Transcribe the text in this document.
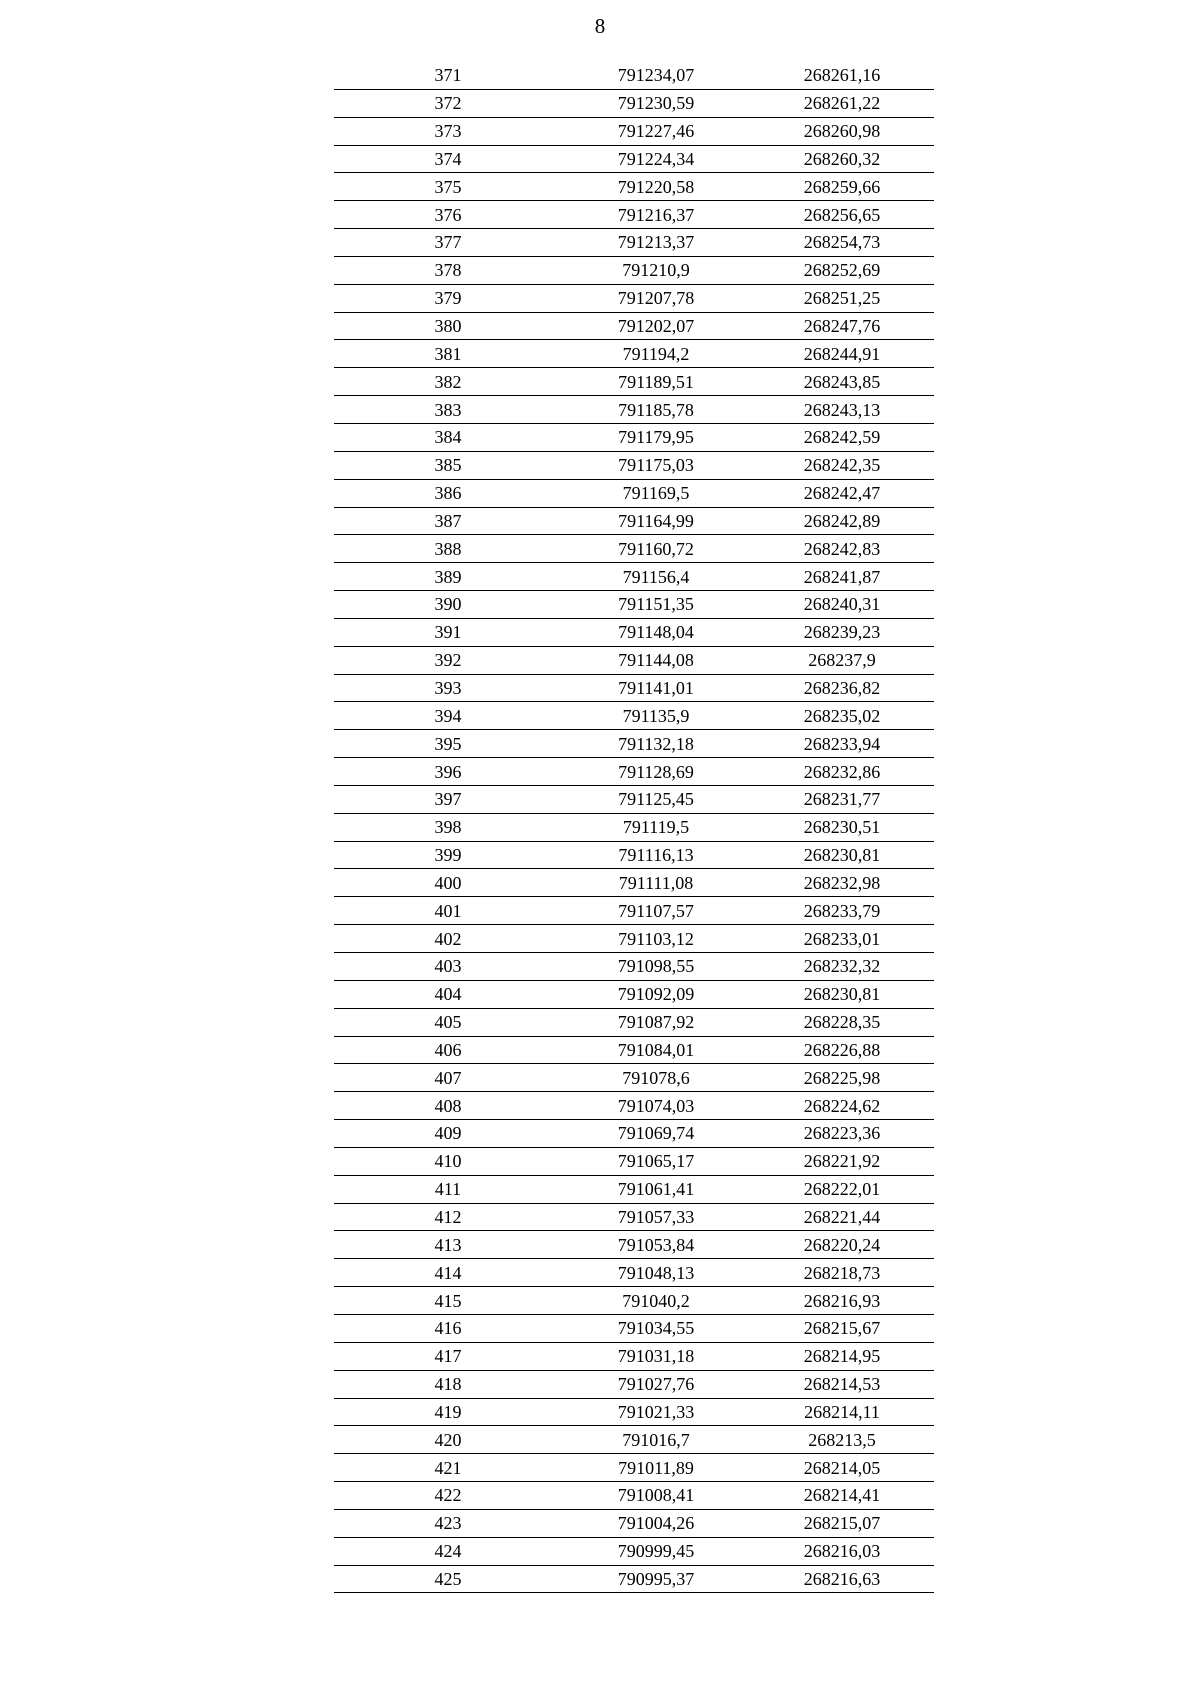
8
371	791234,07	268261,16
372	791230,59	268261,22
373	791227,46	268260,98
374	791224,34	268260,32
375	791220,58	268259,66
376	791216,37	268256,65
377	791213,37	268254,73
378	791210,9	268252,69
379	791207,78	268251,25
380	791202,07	268247,76
381	791194,2	268244,91
382	791189,51	268243,85
383	791185,78	268243,13
384	791179,95	268242,59
385	791175,03	268242,35
386	791169,5	268242,47
387	791164,99	268242,89
388	791160,72	268242,83
389	791156,4	268241,87
390	791151,35	268240,31
391	791148,04	268239,23
392	791144,08	268237,9
393	791141,01	268236,82
394	791135,9	268235,02
395	791132,18	268233,94
396	791128,69	268232,86
397	791125,45	268231,77
398	791119,5	268230,51
399	791116,13	268230,81
400	791111,08	268232,98
401	791107,57	268233,79
402	791103,12	268233,01
403	791098,55	268232,32
404	791092,09	268230,81
405	791087,92	268228,35
406	791084,01	268226,88
407	791078,6	268225,98
408	791074,03	268224,62
409	791069,74	268223,36
410	791065,17	268221,92
411	791061,41	268222,01
412	791057,33	268221,44
413	791053,84	268220,24
414	791048,13	268218,73
415	791040,2	268216,93
416	791034,55	268215,67
417	791031,18	268214,95
418	791027,76	268214,53
419	791021,33	268214,11
420	791016,7	268213,5
421	791011,89	268214,05
422	791008,41	268214,41
423	791004,26	268215,07
424	790999,45	268216,03
425	790995,37	268216,63
